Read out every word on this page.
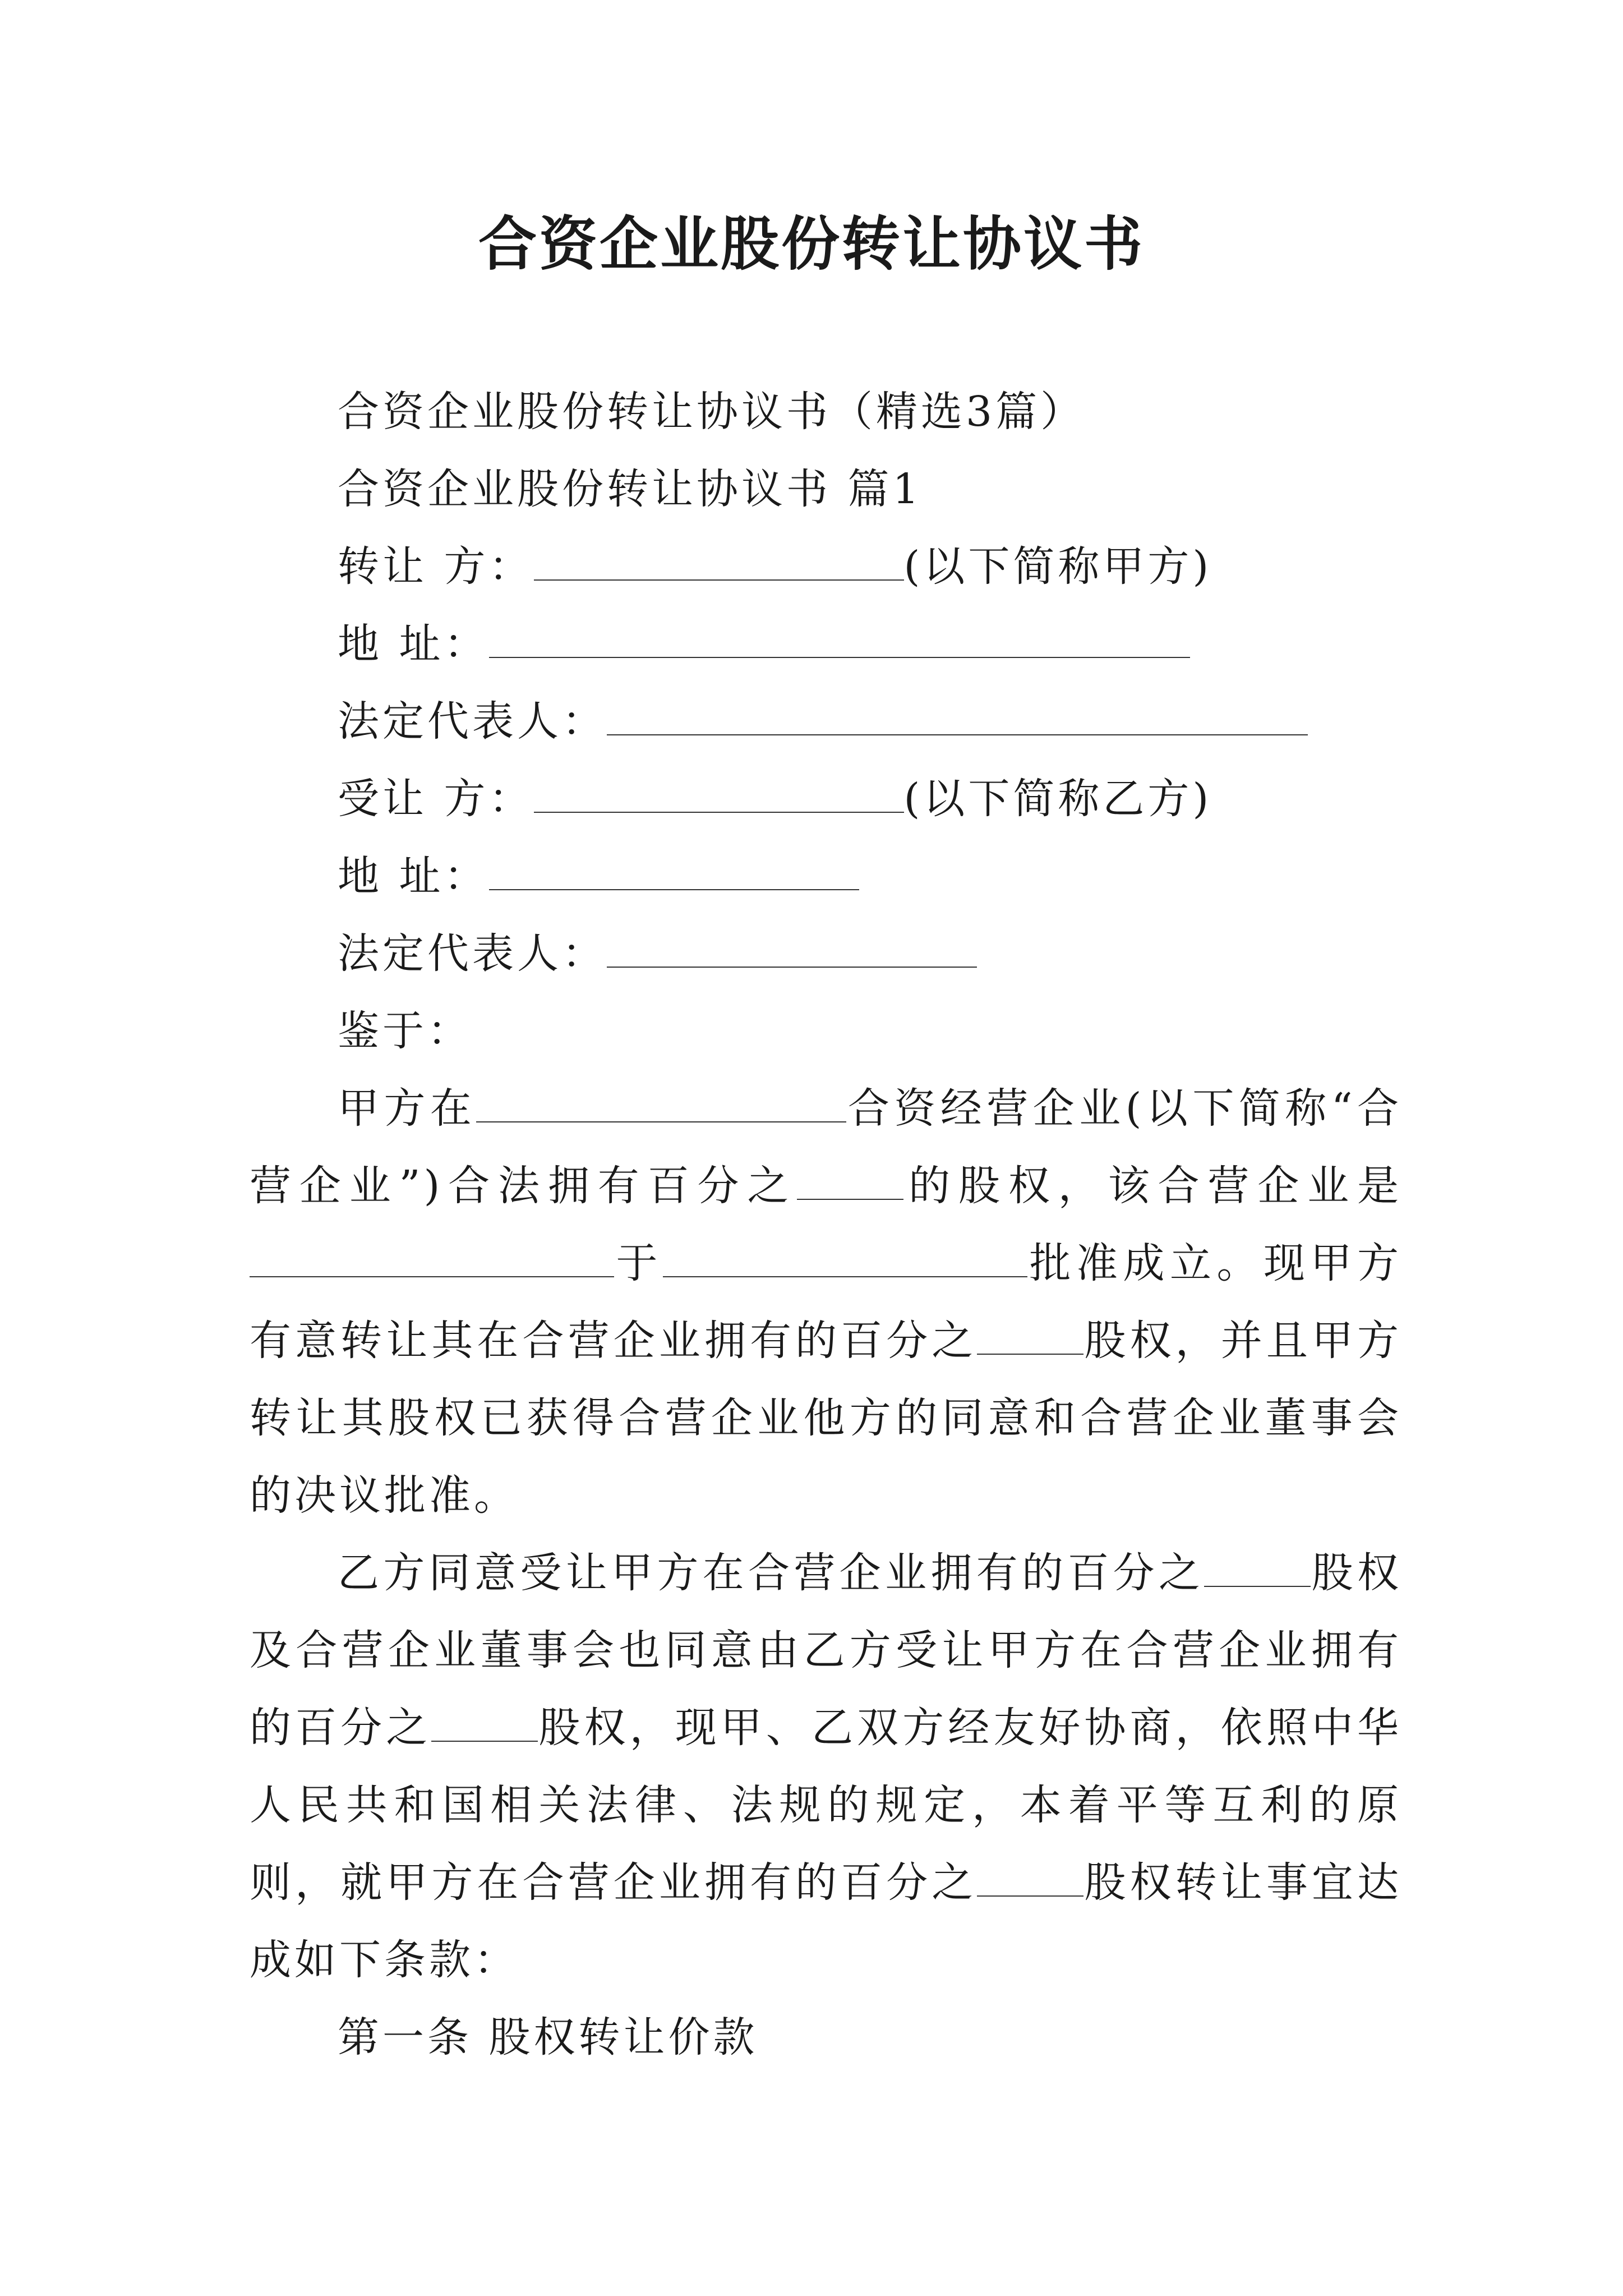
合资企业股份转让协议书
合资企业股份转让协议书（精选3篇）
合资企业股份转让协议书 篇1
转让 方：	(以下简称甲方)
地 址：
法定代表人：
受让 方：	(以下简称乙方)
地 址：
法定代表人：
鉴于：

甲方在	合资经营企业(以下简称“合营企业”)合法拥有百分之	的股权，该合营企业是于	批准成立。现甲方有意转让其在合营企业拥有的百分之	股权，并且甲方转让其股权已获得合营企业他方的同意和合营企业董事会的决议批准。

乙方同意受让甲方在合营企业拥有的百分之	股权及合营企业董事会也同意由乙方受让甲方在合营企业拥有的百分之	股权，现甲、乙双方经友好协商，依照中华人民共和国相关法律、法规的规定，本着平等互利的原则，就甲方在合营企业拥有的百分之	股权转让事宜达成如下条款：

第一条 股权转让价款
